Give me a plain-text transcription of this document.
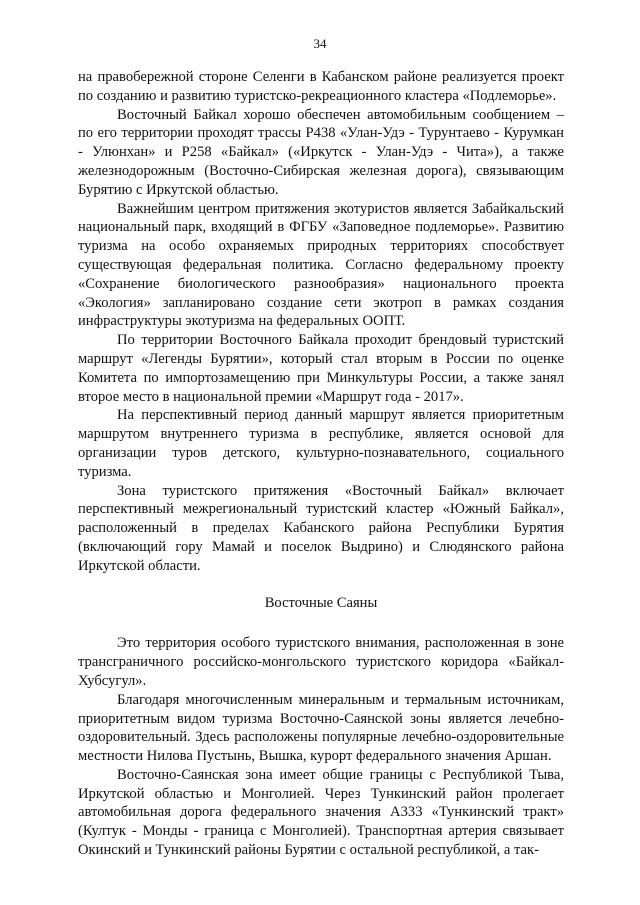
34

на правобережной стороне Селенги в Кабанском районе реализуется проект по созданию и развитию туристско-рекреационного кластера «Подлеморье».

Восточный Байкал хорошо обеспечен автомобильным сообщением – по его территории проходят трассы Р438 «Улан-Удэ - Турунтаево - Курумкан - Улюнхан» и Р258 «Байкал» («Иркутск - Улан-Удэ - Чита»), а также железнодорожным (Восточно-Сибирская железная дорога), связывающим Бурятию с Иркутской областью.

Важнейшим центром притяжения экотуристов является Забайкальский национальный парк, входящий в ФГБУ «Заповедное подлеморье». Развитию туризма на особо охраняемых природных территориях способствует существующая федеральная политика. Согласно федеральному проекту «Сохранение биологического разнообразия» национального проекта «Экология» запланировано создание сети экотроп в рамках создания инфраструктуры экотуризма на федеральных ООПТ.

По территории Восточного Байкала проходит брендовый туристский маршрут «Легенды Бурятии», который стал вторым в России по оценке Комитета по импортозамещению при Минкультуры России, а также занял второе место в национальной премии «Маршрут года - 2017».

На перспективный период данный маршрут является приоритетным маршрутом внутреннего туризма в республике, является основой для организации туров детского, культурно-познавательного, социального туризма.

Зона туристского притяжения «Восточный Байкал» включает перспективный межрегиональный туристский кластер «Южный Байкал», расположенный в пределах Кабанского района Республики Бурятия (включающий гору Мамай и поселок Выдрино) и Слюдянского района Иркутской области.

Восточные Саяны

Это территория особого туристского внимания, расположенная в зоне трансграничного российско-монгольского туристского коридора «Байкал-Хубсугул».

Благодаря многочисленным минеральным и термальным источникам, приоритетным видом туризма Восточно-Саянской зоны является лечебно-оздоровительный. Здесь расположены популярные лечебно-оздоровительные местности Нилова Пустынь, Вышка, курорт федерального значения Аршан.

Восточно-Саянская зона имеет общие границы с Республикой Тыва, Иркутской областью и Монголией. Через Тункинский район пролегает автомобильная дорога федерального значения А333 «Тункинский тракт» (Култук - Монды - граница с Монголией). Транспортная артерия связывает Окинский и Тункинский районы Бурятии с остальной республикой, а так-
